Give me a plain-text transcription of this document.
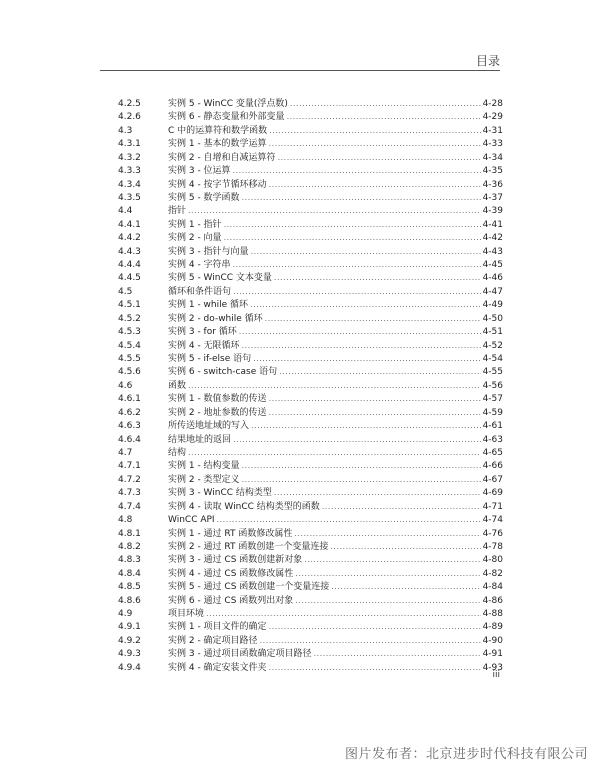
目录
4.2.5	实例 5 - WinCC 变量(浮点数) .....	4-28
4.2.6	实例 6 - 静态变量和外部变量 .....	4-29
4.3	C 中的运算符和数学函数 .....	4-31
4.3.1	实例 1 - 基本的数学运算 .....	4-33
4.3.2	实例 2 - 自增和自减运算符 .....	4-34
4.3.3	实例 3 - 位运算 .....	4-35
4.3.4	实例 4 - 按字节循环移动 .....	4-36
4.3.5	实例 5 - 数学函数 .....	4-37
4.4	指针 .....	4-39
4.4.1	实例 1 - 指针 .....	4-41
4.4.2	实例 2 - 向量 .....	4-42
4.4.3	实例 3 - 指针与向量 .....	4-43
4.4.4	实例 4 - 字符串 .....	4-45
4.4.5	实例 5 - WinCC 文本变量 .....	4-46
4.5	循环和条件语句 .....	4-47
4.5.1	实例 1 - while 循环 .....	4-49
4.5.2	实例 2 - do-while 循环 .....	4-50
4.5.3	实例 3 - for 循环 .....	4-51
4.5.4	实例 4 - 无限循环 .....	4-52
4.5.5	实例 5 - if-else 语句 .....	4-54
4.5.6	实例 6 - switch-case 语句 .....	4-55
4.6	函数 .....	4-56
4.6.1	实例 1 - 数值参数的传送 .....	4-57
4.6.2	实例 2 - 地址参数的传送 .....	4-59
4.6.3	所传送地址域的写入 .....	4-61
4.6.4	结果地址的返回 .....	4-63
4.7	结构 .....	4-65
4.7.1	实例 1 - 结构变量 .....	4-66
4.7.2	实例 2 - 类型定义 .....	4-67
4.7.3	实例 3 - WinCC 结构类型 .....	4-69
4.7.4	实例 4 - 读取 WinCC 结构类型的函数 .....	4-71
4.8	WinCC API .....	4-74
4.8.1	实例 1 - 通过 RT 函数修改属性 .....	4-76
4.8.2	实例 2 - 通过 RT 函数创建一个变量连接 .....	4-78
4.8.3	实例 3 - 通过 CS 函数创建新对象 .....	4-80
4.8.4	实例 4 - 通过 CS 函数修改属性 .....	4-82
4.8.5	实例 5 - 通过 CS 函数创建一个变量连接 .....	4-84
4.8.6	实例 6 - 通过 CS 函数列出对象 .....	4-86
4.9	项目环境 .....	4-88
4.9.1	实例 1 - 项目文件的确定 .....	4-89
4.9.2	实例 2 - 确定项目路径 .....	4-90
4.9.3	实例 3 - 通过项目函数确定项目路径 .....	4-91
4.9.4	实例 4 - 确定安装文件夹 .....	4-93
iii
图片发布者：北京进步时代科技有限公司
